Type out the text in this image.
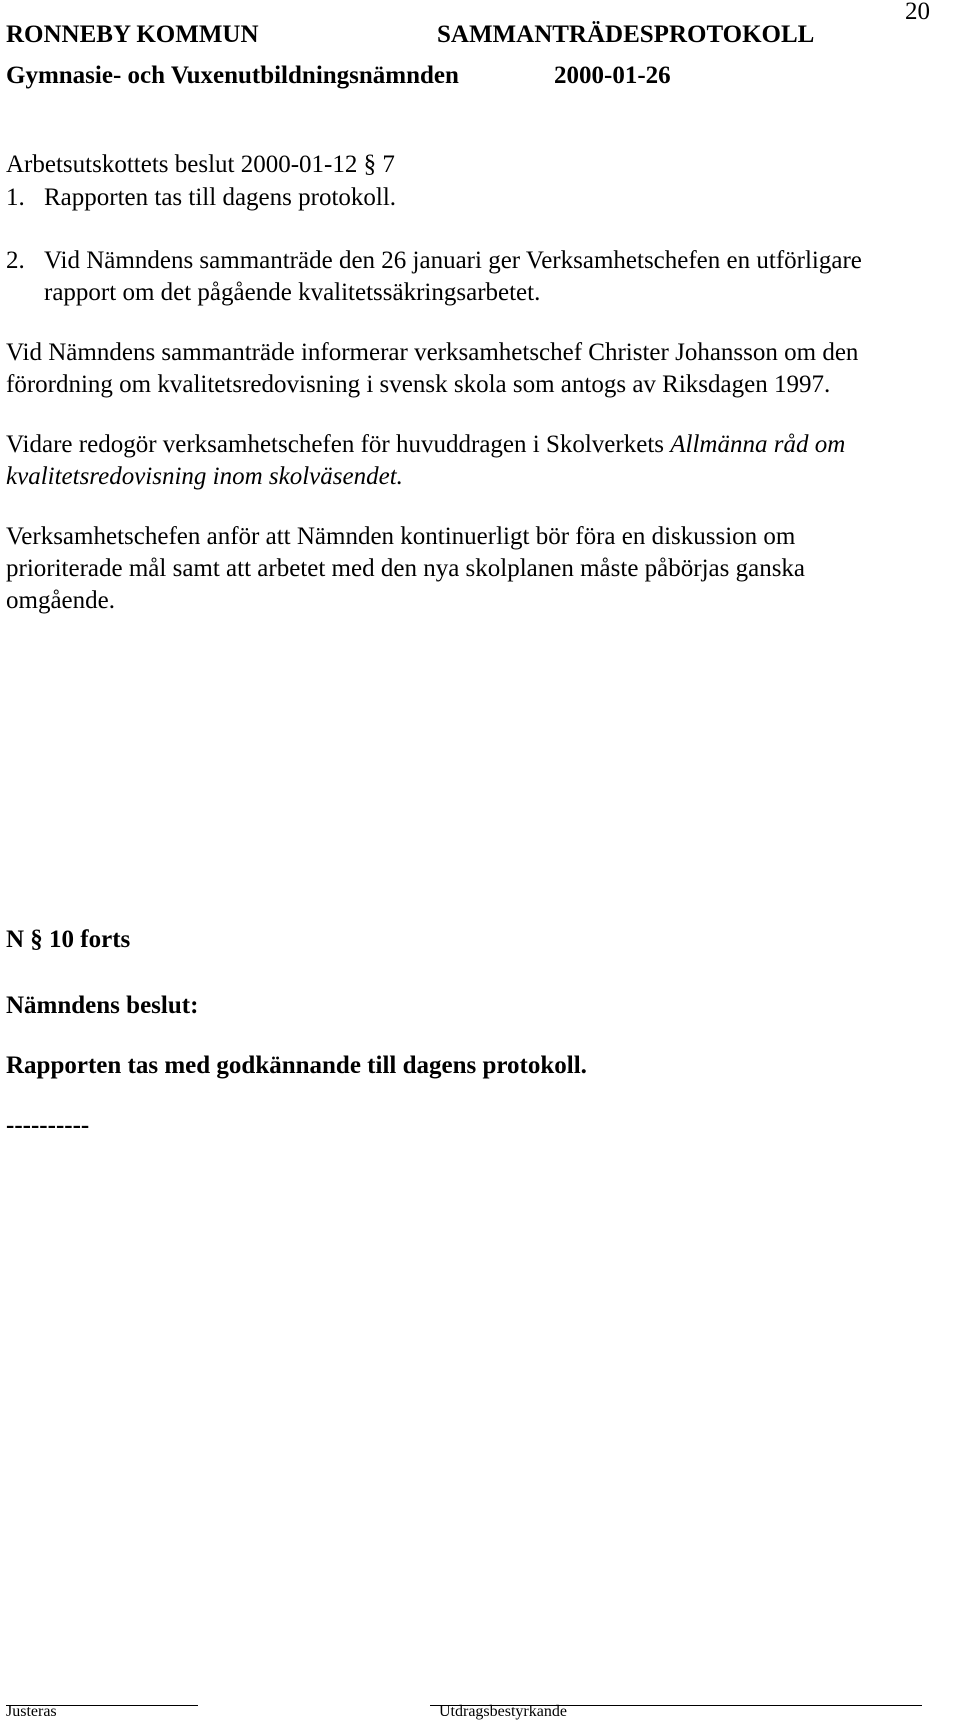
20
RONNEBY KOMMUN	SAMMANTRÄDESPROTOKOLL
Gymnasie- och Vuxenutbildningsnämnden	2000-01-26
Arbetsutskottets beslut 2000-01-12 § 7
1. Rapporten tas till dagens protokoll.
2. Vid Nämndens sammanträde den 26 januari ger Verksamhetschefen en utförligare
rapport om det pågående kvalitetssäkringsarbetet.
Vid Nämndens sammanträde informerar verksamhetschef Christer Johansson om den
förordning om kvalitetsredovisning i svensk skola som antogs av Riksdagen 1997.
Vidare redogör verksamhetschefen för huvuddragen i Skolverkets Allmänna råd om
kvalitetsredovisning inom skolväsendet.
Verksamhetschefen anför att Nämnden kontinuerligt bör föra en diskussion om
prioriterade mål samt att arbetet med den nya skolplanen måste påbörjas ganska
omgående.
N § 10 forts
Nämndens beslut:
Rapporten tas med godkännande till dagens protokoll.
----------
Justeras	Utdragsbestyrkande
